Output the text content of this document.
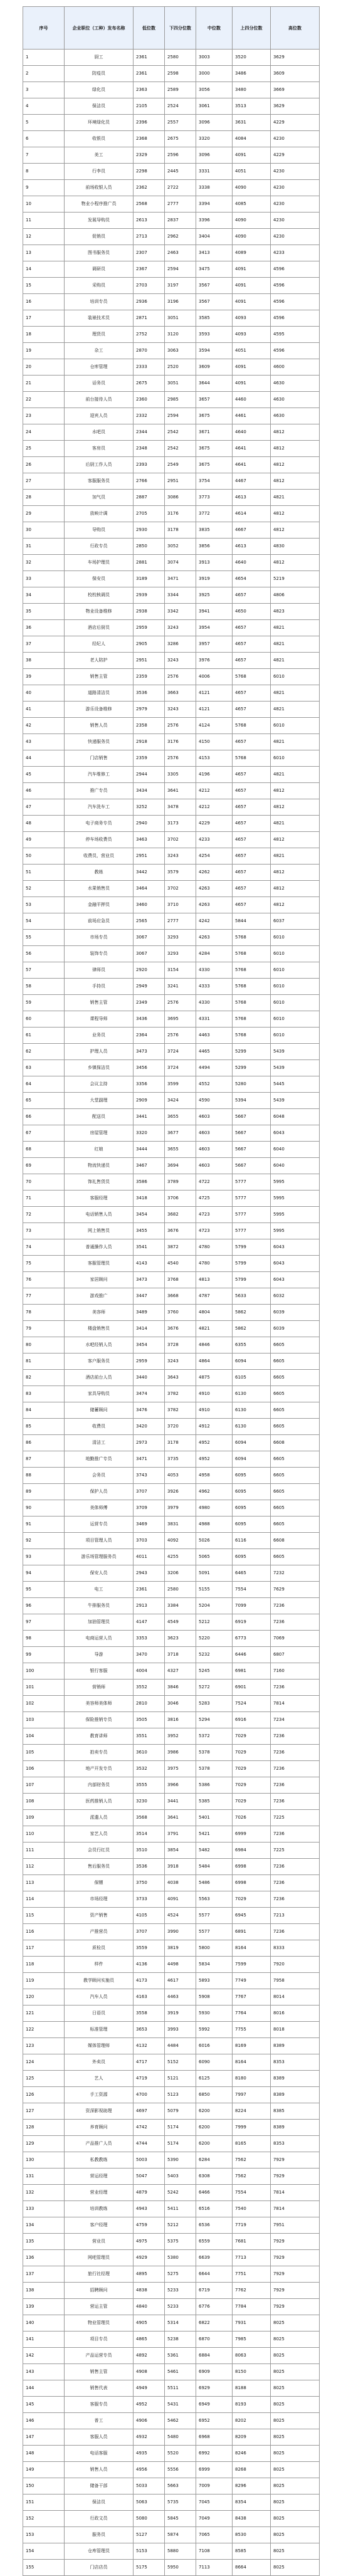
序号	企业职位（工种）发布名称	低位数	下四分位数	中位数	上四分位数	高位数
1	厨工	2361	2580	3003	3520	3629
2	防疫员	2361	2598	3000	3486	3609
3	绿化员	2363	2589	3056	3480	3669
4	保洁员	2105	2524	3061	3513	3629
5	环境绿化员	2396	2557	3096	3631	4229
6	收银员	2368	2675	3320	4084	4230
7	美工	2329	2596	3096	4091	4229
8	行李员	2298	2445	3331	4051	4230
9	前场收银人员	2362	2722	3338	4090	4230
10	物业小程序推广员	2568	2777	3394	4085	4230
11	发展导购员	2613	2837	3396	4090	4230
12	促销员	2713	2962	3404	4090	4230
13	图书服务员	2307	2463	3413	4089	4233
14	调研员	2367	2594	3475	4091	4596
15	采购员	2703	3197	3567	4091	4596
16	培训专员	2936	3196	3567	4091	4596
17	装裱技术员	2871	3051	3585	4093	4596
18	理货员	2752	3120	3593	4093	4595
19	杂工	2870	3063	3594	4051	4596
20	仓库管理	2333	2520	3609	4091	4600
21	话务员	2675	3051	3644	4091	4630
22	前台接待人员	2360	2985	3657	4460	4630
23	迎宾人员	2332	2594	3675	4461	4630
24	水吧员	2344	2542	3671	4640	4812
25	客房员	2348	2542	3675	4641	4812
26	后厨工作人员	2393	2549	3675	4641	4812
27	客服服务员	2766	2951	3754	4467	4812
28	加气员	2887	3086	3773	4613	4821
29	放映计调	2705	3176	3772	4614	4812
30	导购员	2930	3178	3835	4667	4812
31	行政专员	2850	3052	3856	4613	4830
32	车场护理员	2881	3074	3913	4640	4812
33	保安员	3189	3471	3919	4654	5219
34	校校核调员	2939	3344	3925	4657	4806
35	物业设备维修	2938	3342	3941	4650	4823
36	酒店后厨员	2959	3243	3954	4657	4821
37	经纪人	2905	3286	3957	4657	4821
38	老人陪护	2951	3243	3976	4657	4821
39	销售主管	2359	2576	4006	5768	6010
40	道路清洁员	3536	3663	4121	4657	4821
41	游乐设备维修	2979	3243	4121	4657	4821
42	销售人员	2358	2576	4124	5768	6010
43	快递服务员	2918	3176	4150	4657	4821
44	门店销售	2359	2576	4153	5768	6010
45	汽车维修工	2944	3305	4196	4657	4821
46	推广专员	3434	3641	4212	4657	4812
47	汽车洗车工	3252	3478	4212	4657	4812
48	电子商务专员	2940	3173	4229	4657	4821
49	停车场收费员	3463	3702	4233	4657	4812
50	收费员，营业员	2951	3243	4254	4657	4821
51	教练	3442	3579	4262	4657	4812
52	水果销售员	3464	3702	4263	4657	4812
53	金融平押员	3460	3710	4263	4657	4812
54	前场应急员	2565	2777	4242	5844	6037
55	市场专员	3067	3293	4263	5768	6010
56	装饰专员	3067	3293	4284	5768	6010
57	律师员	2920	3154	4330	5768	6010
58	手持员	2949	3241	4333	5768	6010
59	销售主管	2349	2576	4330	5768	6010
60	课程导师	3436	3695	4331	5768	6010
61	业务员	2364	2576	4463	5768	6010
62	护理人员	3473	3724	4465	5299	5439
63	乡镇保洁员	3456	3724	4494	5299	5439
64	会议主持	3356	3599	4552	5280	5445
65	大堂副理	2909	3424	4590	5394	5439
66	配送员	3441	3655	4603	5667	6048
67	房屋管理	3320	3677	4603	5667	6043
68	红娘	3444	3655	4603	5667	6040
69	物流快递员	3467	3694	4603	5667	6040
70	饰礼售货员	3586	3789	4722	5777	5995
71	客服经理	3418	3706	4725	5777	5995
72	电话销售人员	3454	3682	4723	5777	5995
73	网上销售员	3455	3676	4723	5777	5995
74	普通操作人员	3541	3872	4780	5799	6043
75	客服管理员	4143	4540	4780	5799	6043
76	家居顾问	3473	3768	4813	5799	6043
77	游戏推广	3447	3668	4787	5633	6032
78	美容师	3489	3760	4804	5862	6039
79	楼盘销售员	3414	3676	4821	5862	6039
80	水吧经销人员	3454	3728	4846	6355	6605
81	客户服务员	2959	3243	4864	6094	6605
82	酒店前台人员	3440	3643	4875	6105	6605
83	家具导购员	3474	3782	4910	6130	6605
84	储蓄顾问	3476	3782	4910	6130	6605
85	收费员	3420	3720	4912	6130	6605
86	清洁工	2973	3178	4952	6094	6608
87	地勤推广专员	3471	3735	4952	6094	6605
88	会务员	3743	4053	4958	6095	6605
89	保护人员	3707	3926	4962	6095	6605
90	美体师傅	3709	3979	4980	6095	6605
91	运营专员	3469	3831	4988	6095	6605
92	项目管理人员	3703	4092	5026	6116	6608
93	游乐场管理服务员	4011	4255	5065	6095	6605
94	保安人员	2943	3206	5091	6465	7232
95	电工	2361	2580	5155	7554	7629
96	牛排服务员	2913	3384	5204	7099	7236
97	加油管理员	4147	4549	5212	6919	7236
98	电商运营人员	3353	3623	5220	6773	7069
99	导游	3470	3718	5232	6446	6807
100	银行客服	4004	4327	5245	6981	7160
101	营销师	3552	3846	5272	6901	7236
102	美容师美体师	2810	3046	5283	7524	7814
103	保险推销专员	3505	3816	5294	6916	7234
104	教育讲师	3551	3952	5372	7029	7236
105	拍卖专员	3610	3986	5378	7029	7236
106	地产开发专员	3532	3975	5378	7029	7236
107	内部财务员	3555	3966	5386	7029	7236
108	医药推销人员	3230	3441	5385	7029	7236
109	派遣人员	3568	3641	5401	7026	7225
110	家艺人员	3514	3791	5421	6999	7236
111	会员行红员	3510	3854	5482	6984	7225
112	售后服务员	3536	3918	5484	6998	7236
113	保镖	3750	4038	5486	6998	7236
114	市场经理	3733	4091	5563	7029	7236
115	资产销售	4105	4524	5577	6945	7213
116	产推营员	3707	3990	5577	6891	7236
117	质检员	3559	3819	5800	8164	8333
118	样件	4136	4498	5834	7599	7920
119	教学顾问实施员	4173	4617	5893	7749	7958
120	汽车人员	4163	4463	5908	7767	8014
121	日语员	3558	3919	5930	7764	8016
122	标准管理	3653	3993	5992	7755	8018
123	媒体管理师	4132	4484	6016	8169	8389
124	外卖员	4717	5152	6090	8164	8353
125	艺人	4719	5121	6125	8180	8389
126	手工资源	4700	5123	6850	7997	8389
127	资深影视助理	4697	5079	6200	8224	8385
128	养育顾问	4742	5174	6200	7999	8389
129	产品推广人员	4744	5174	6200	8165	8353
130	私教教练	5003	5390	6284	7562	7929
131	营运经理	5047	5403	6308	7562	7929
132	营业经理	4879	5242	6466	7554	7814
133	培训教练	4943	5411	6516	7540	7814
134	客户经理	4759	5212	6536	7719	7951
135	营业员	4975	5375	6559	7681	7929
136	网吧管理员	4929	5380	6639	7713	7929
137	旅行社经理	4895	5275	6644	7751	7929
138	招聘顾问	4838	5233	6719	7762	7929
139	营运主管	4840	5233	6776	7784	7929
140	物业管理员	4905	5314	6822	7931	8025
141	项目专员	4865	5238	6870	7985	8025
142	产品运营专员	4892	5361	6884	8063	8025
143	销售主管	4908	5461	6909	8150	8025
144	销售代表	4949	5511	6929	8188	8025
145	客服专员	4952	5431	6949	8193	8025
146	普工	4906	5462	6952	8202	8025
147	客服人员	4932	5480	6968	8209	8025
148	电话客服	4935	5520	6992	8246	8025
149	销售人员	4956	5556	6999	8268	8025
150	储备干部	5033	5663	7009	8296	8025
151	保洁员	5063	5735	7045	8354	8025
152	行政文员	5080	5845	7049	8438	8025
153	服务员	5127	5874	7065	8530	8025
154	仓库管理员	5153	5880	7108	8585	8025
155	门店店员	5175	5950	7113	8664	8025
